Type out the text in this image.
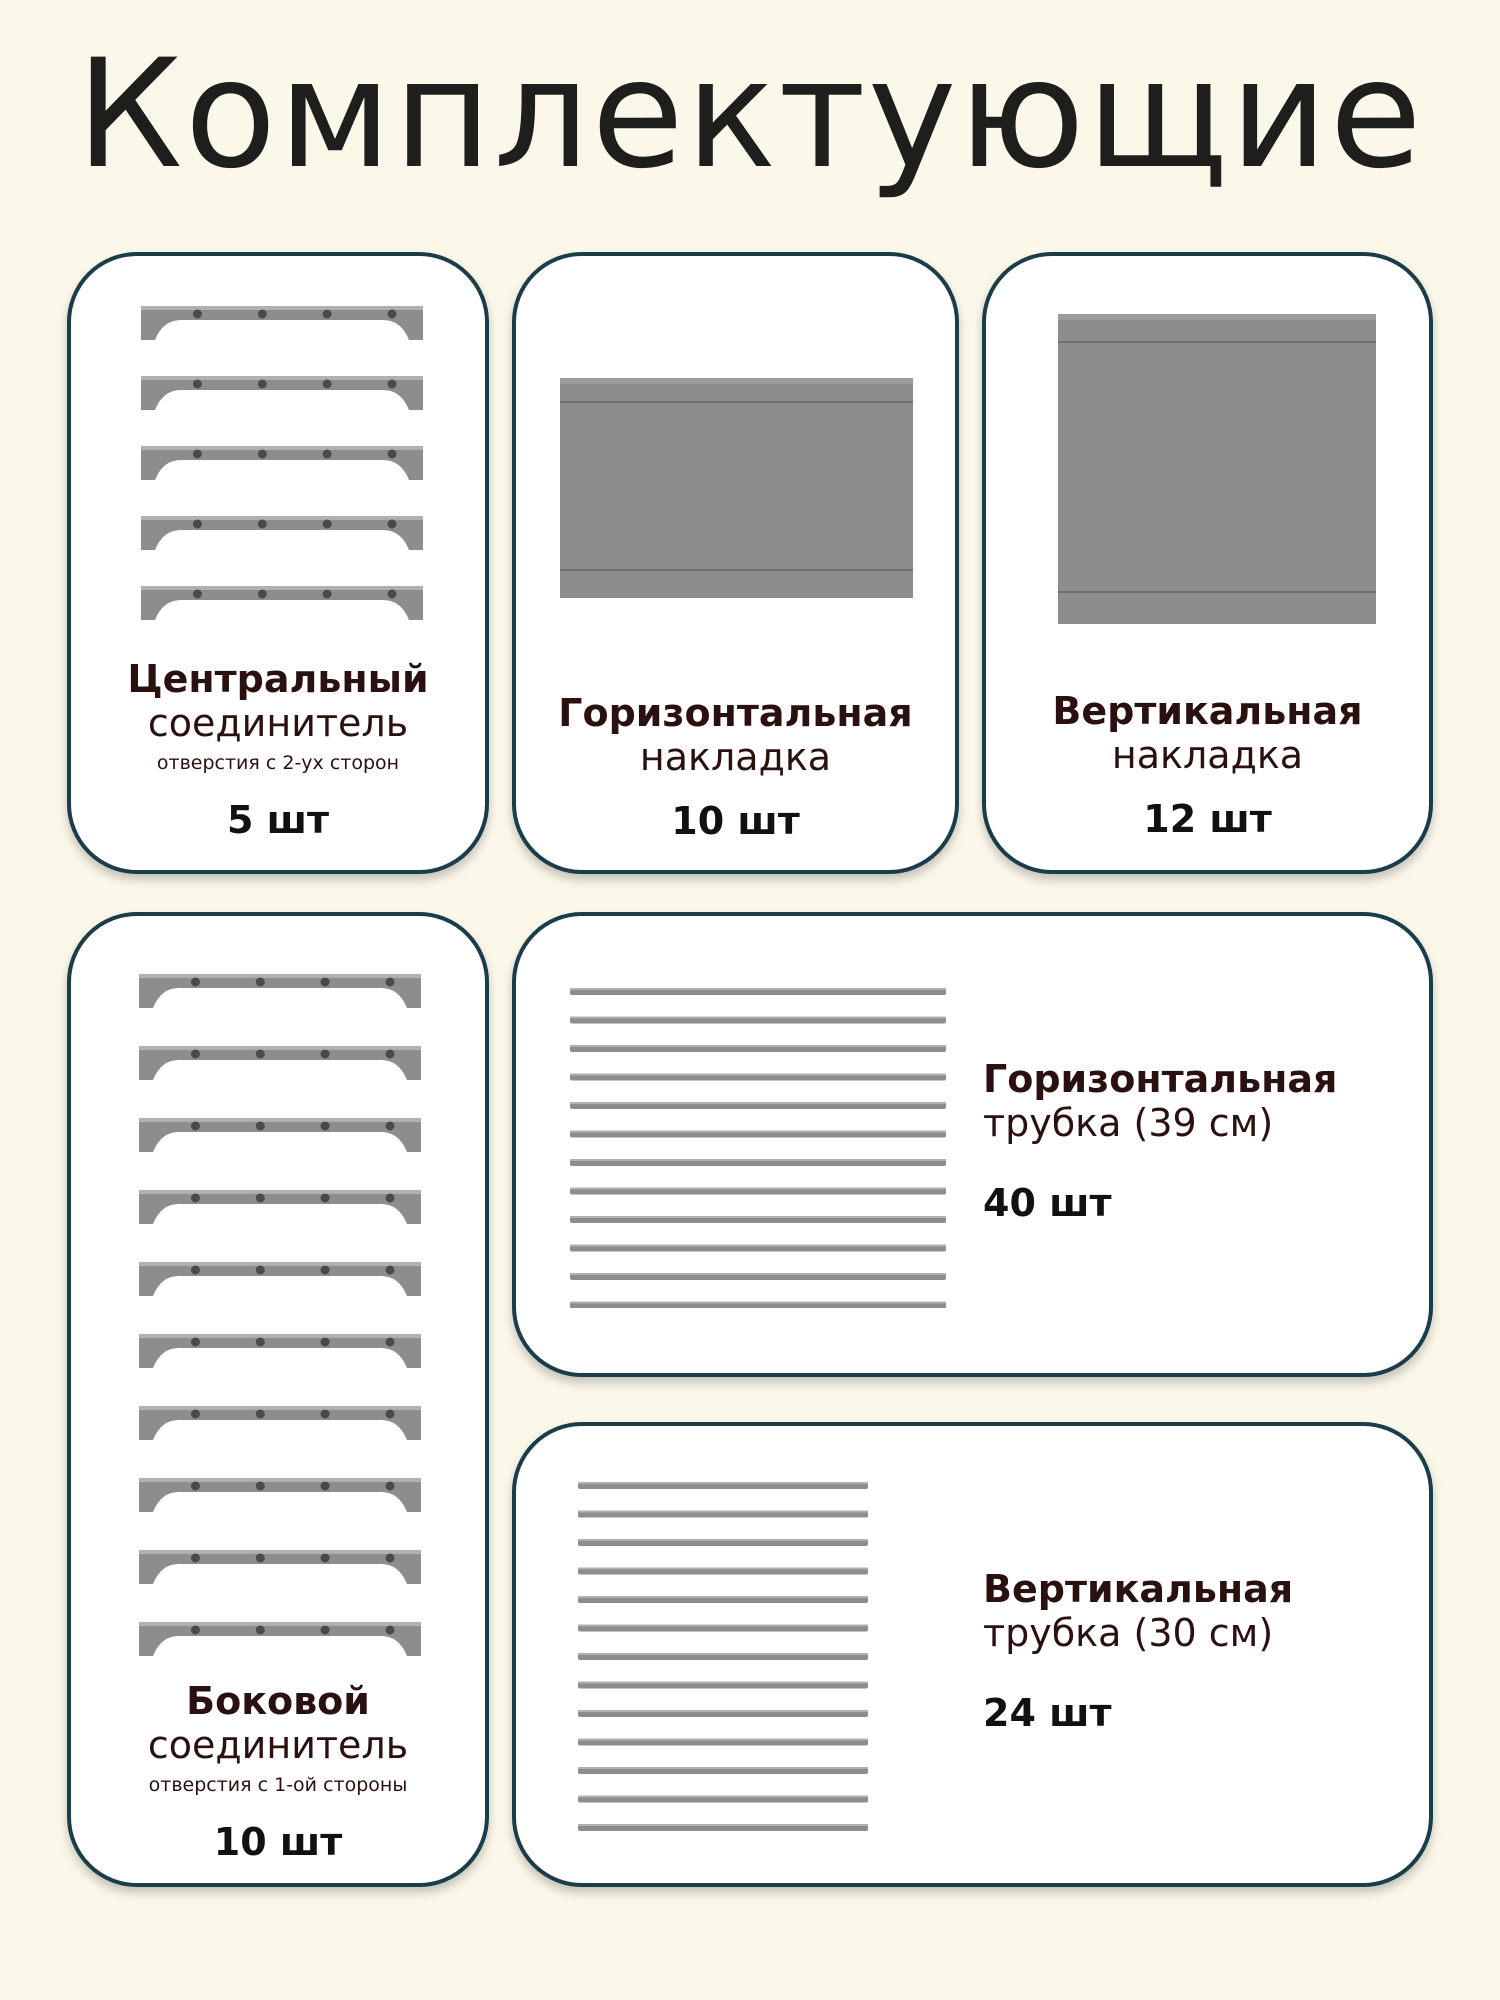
Комплектующие
Центральный
соединитель
отверстия с 2-ух сторон
5 шт
Горизонтальная
накладка
10 шт
Вертикальная
накладка
12 шт
Боковой
соединитель
отверстия с 1-ой стороны
10 шт
Горизонтальная
трубка (39 см)
40 шт
Вертикальная
трубка (30 см)
24 шт
